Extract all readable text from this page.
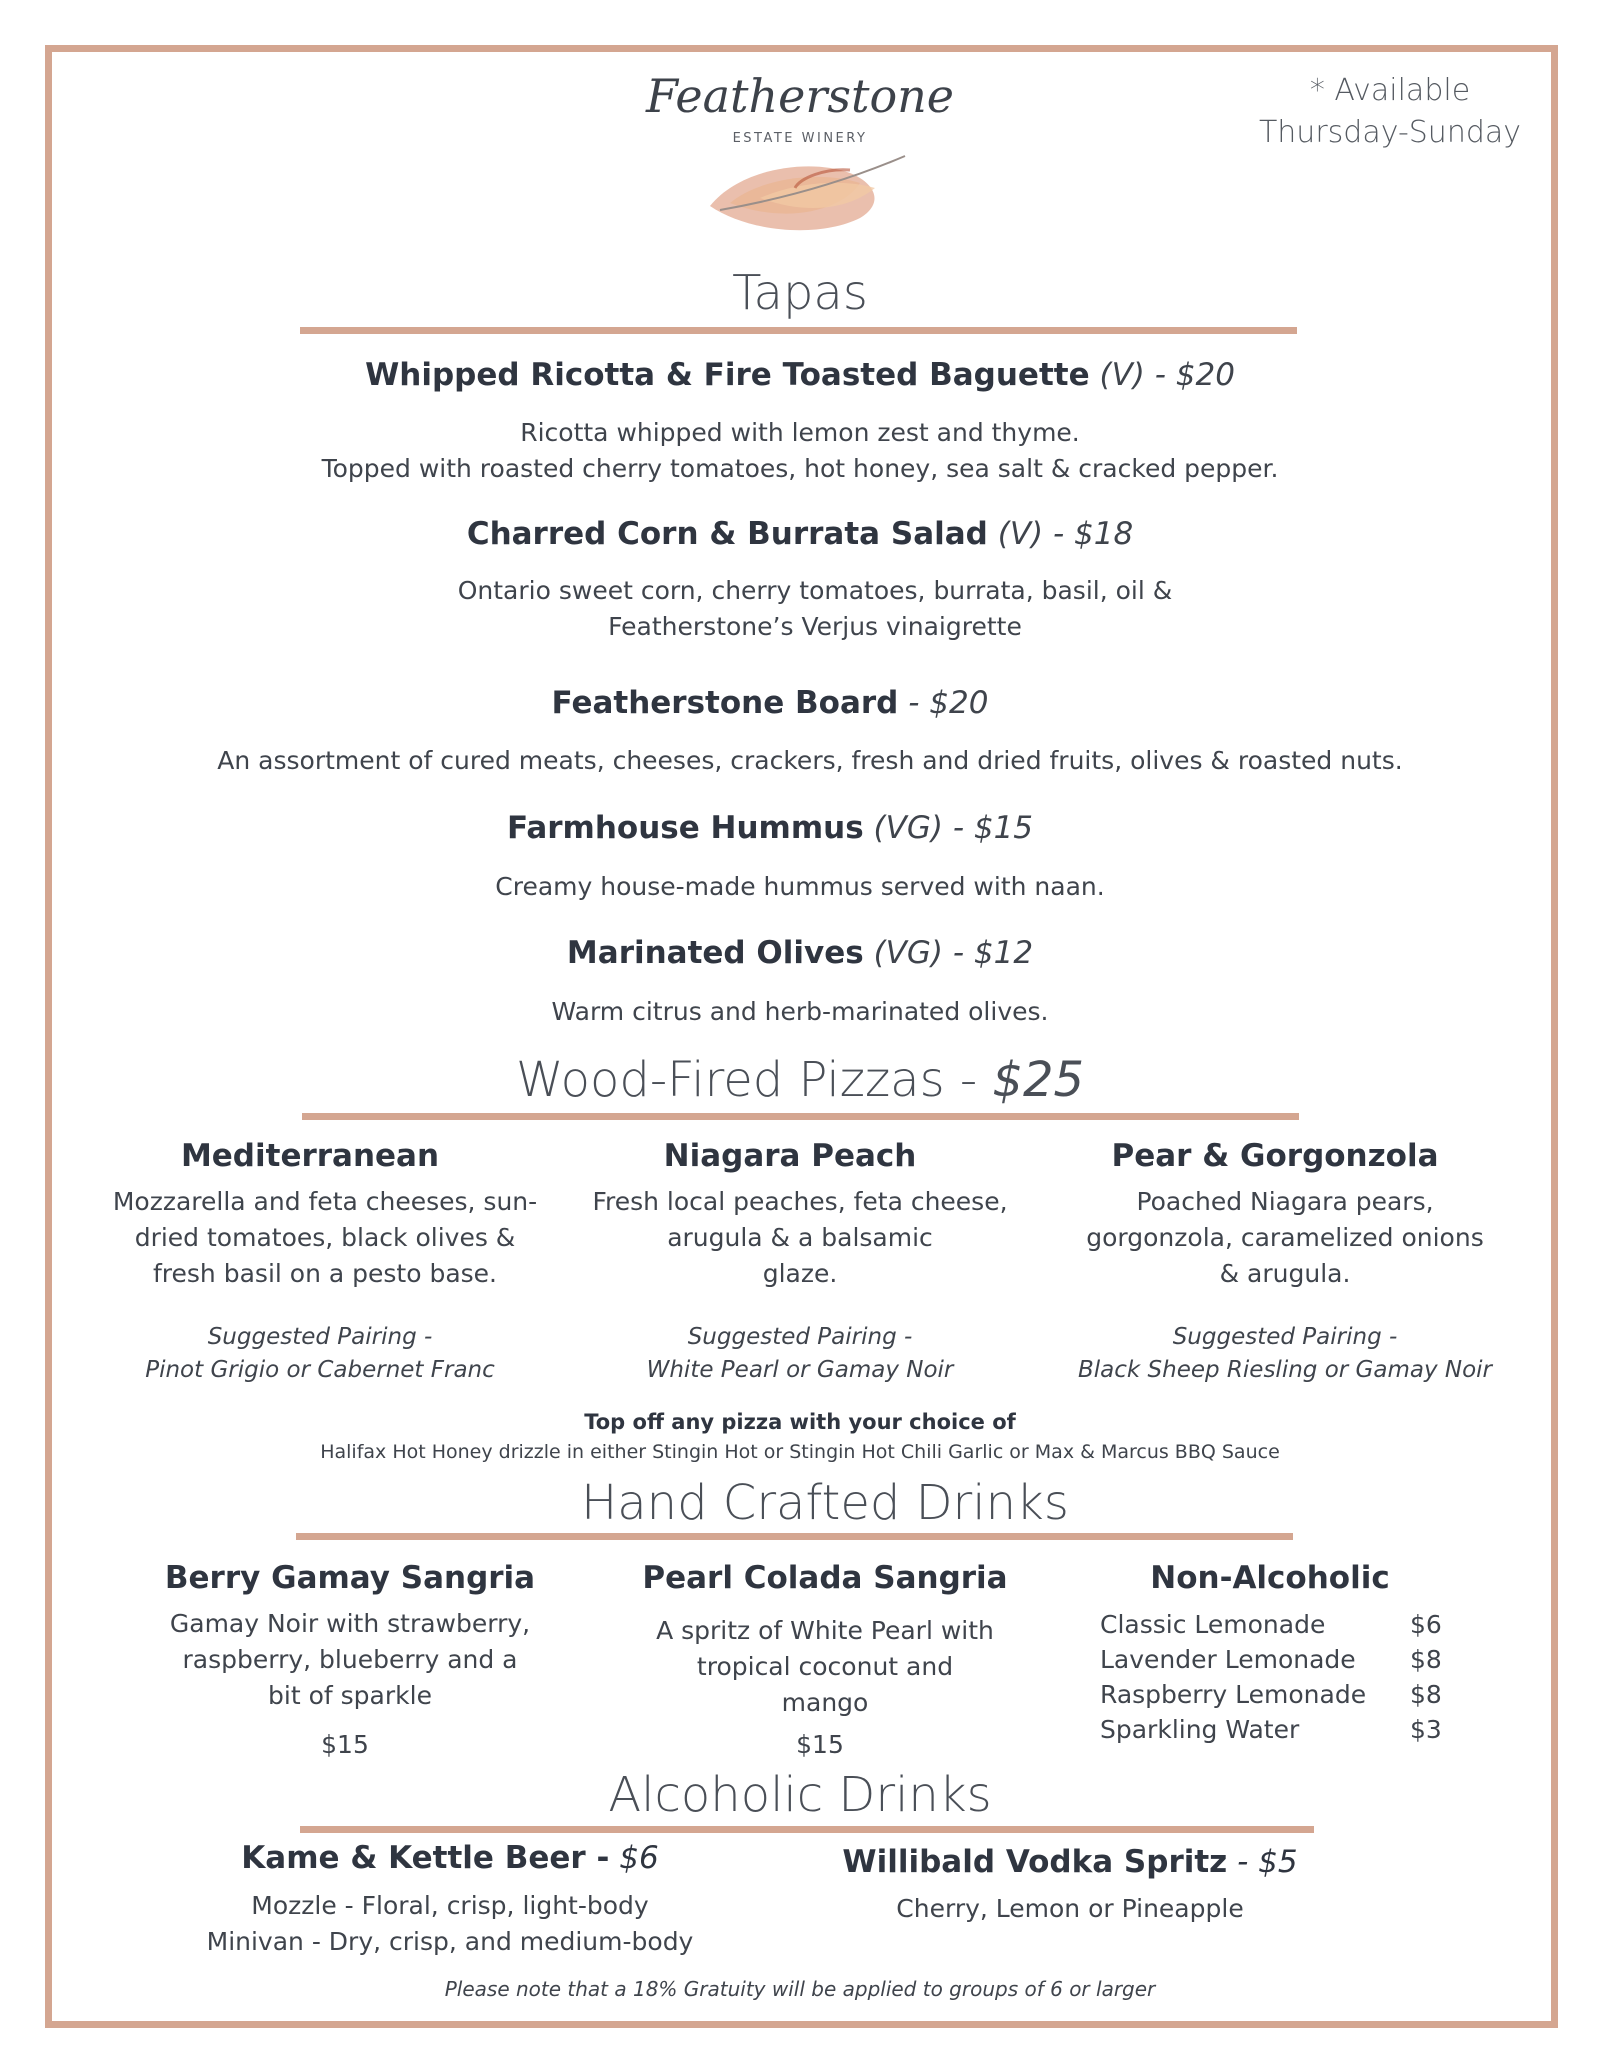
Featherstone
ESTATE WINERY
* Available
Thursday-Sunday
Tapas
Whipped Ricotta & Fire Toasted Baguette (V) - $20
Ricotta whipped with lemon zest and thyme.
Topped with roasted cherry tomatoes, hot honey, sea salt & cracked pepper.
Charred Corn & Burrata Salad (V) - $18
Ontario sweet corn, cherry tomatoes, burrata, basil, oil &
Featherstone’s Verjus vinaigrette
Featherstone Board - $20
An assortment of cured meats, cheeses, crackers, fresh and dried fruits, olives & roasted nuts.
Farmhouse Hummus (VG) - $15
Creamy house-made hummus served with naan.
Marinated Olives (VG) - $12
Warm citrus and herb-marinated olives.
Wood-Fired Pizzas - $25
Mediterranean
Mozzarella and feta cheeses, sun-
dried tomatoes, black olives &
fresh basil on a pesto base.
Suggested Pairing -
Pinot Grigio or Cabernet Franc
Niagara Peach
Fresh local peaches, feta cheese,
arugula & a balsamic
glaze.
Suggested Pairing -
White Pearl or Gamay Noir
Pear & Gorgonzola
Poached Niagara pears,
gorgonzola, caramelized onions
& arugula.
Suggested Pairing -
Black Sheep Riesling or Gamay Noir
Top off any pizza with your choice of
Halifax Hot Honey drizzle in either Stingin Hot or Stingin Hot Chili Garlic or Max & Marcus BBQ Sauce
Hand Crafted Drinks
Berry Gamay Sangria
Gamay Noir with strawberry,
raspberry, blueberry and a
bit of sparkle
$15
Pearl Colada Sangria
A spritz of White Pearl with
tropical coconut and
mango
$15
Non-Alcoholic
Classic Lemonade	$6
Lavender Lemonade $8
Raspberry Lemonade $8
Sparkling Water	$3
Alcoholic Drinks
Kame & Kettle Beer - $6
Mozzle - Floral, crisp, light-body
Minivan - Dry, crisp, and medium-body
Willibald Vodka Spritz - $5
Cherry, Lemon or Pineapple
Please note that a 18% Gratuity will be applied to groups of 6 or larger
